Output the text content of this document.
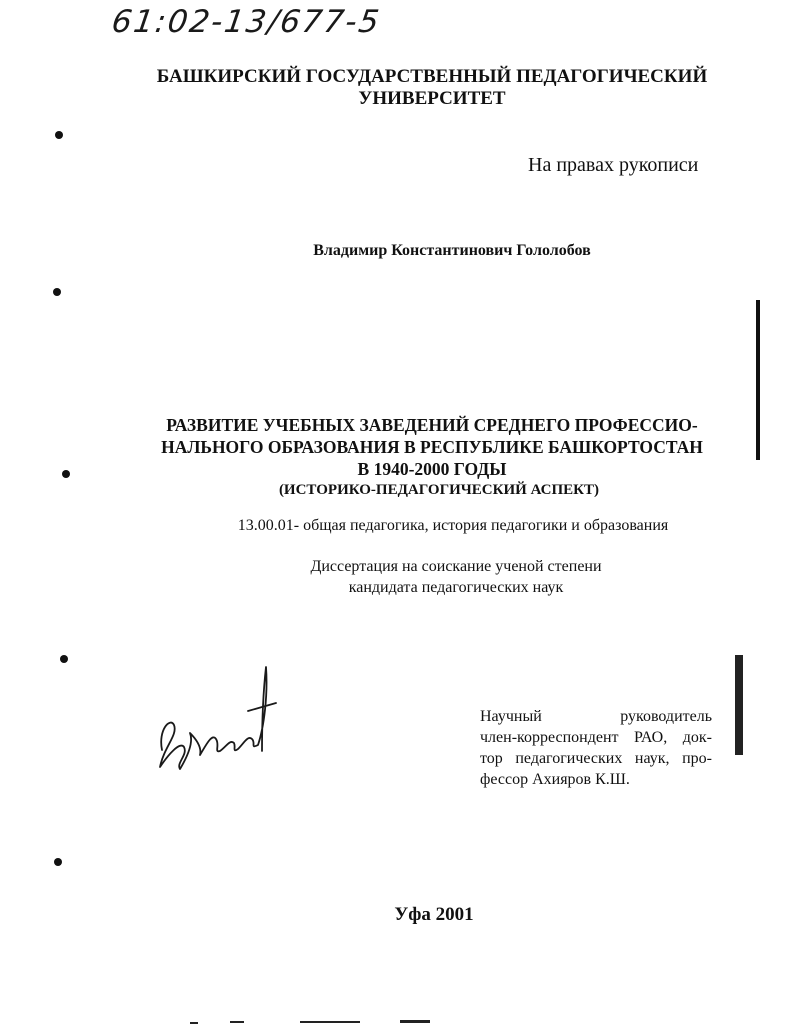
61:02-13/677-5
БАШКИРСКИЙ ГОСУДАРСТВЕННЫЙ ПЕДАГОГИЧЕСКИЙ
УНИВЕРСИТЕТ
На правах рукописи
Владимир Константинович Гололобов
РАЗВИТИЕ УЧЕБНЫХ ЗАВЕДЕНИЙ СРЕДНЕГО ПРОФЕССИО-
НАЛЬНОГО ОБРАЗОВАНИЯ В РЕСПУБЛИКЕ БАШКОРТОСТАН
В 1940-2000 ГОДЫ
(ИСТОРИКО-ПЕДАГОГИЧЕСКИЙ АСПЕКТ)
13.00.01- общая педагогика, история педагогики и образования
Диссертация на соискание ученой степени
кандидата педагогических наук
Научный руководитель
член-корреспондент РАО, док-
тор педагогических наук, про-
фессор Ахияров К.Ш.
Уфа 2001
